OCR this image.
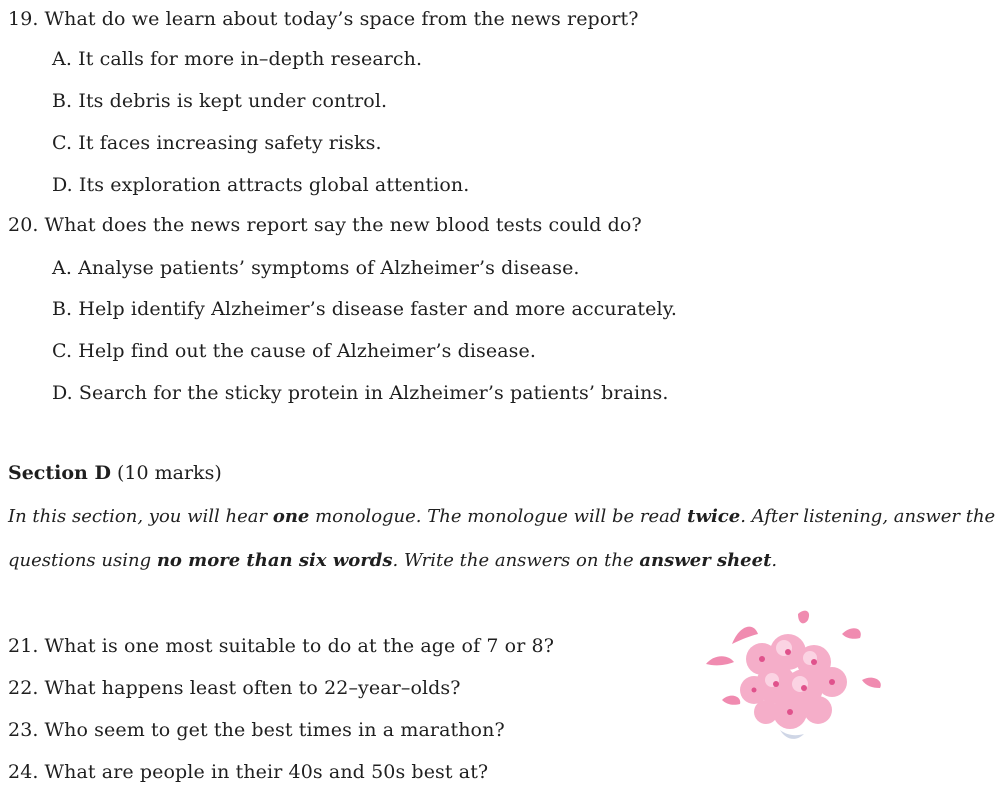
19. What do we learn about today’s space from the news report?
A. It calls for more in–depth research.
B. Its debris is kept under control.
C. It faces increasing safety risks.
D. Its exploration attracts global attention.
20. What does the news report say the new blood tests could do?
A. Analyse patients’ symptoms of Alzheimer’s disease.
B. Help identify Alzheimer’s disease faster and more accurately.
C. Help find out the cause of Alzheimer’s disease.
D. Search for the sticky protein in Alzheimer’s patients’ brains.
Section D (10 marks)
In this section, you will hear one monologue. The monologue will be read twice. After listening, answer the
questions using no more than six words. Write the answers on the answer sheet.
21. What is one most suitable to do at the age of 7 or 8?
22. What happens least often to 22–year–olds?
23. Who seem to get the best times in a marathon?
24. What are people in their 40s and 50s best at?
